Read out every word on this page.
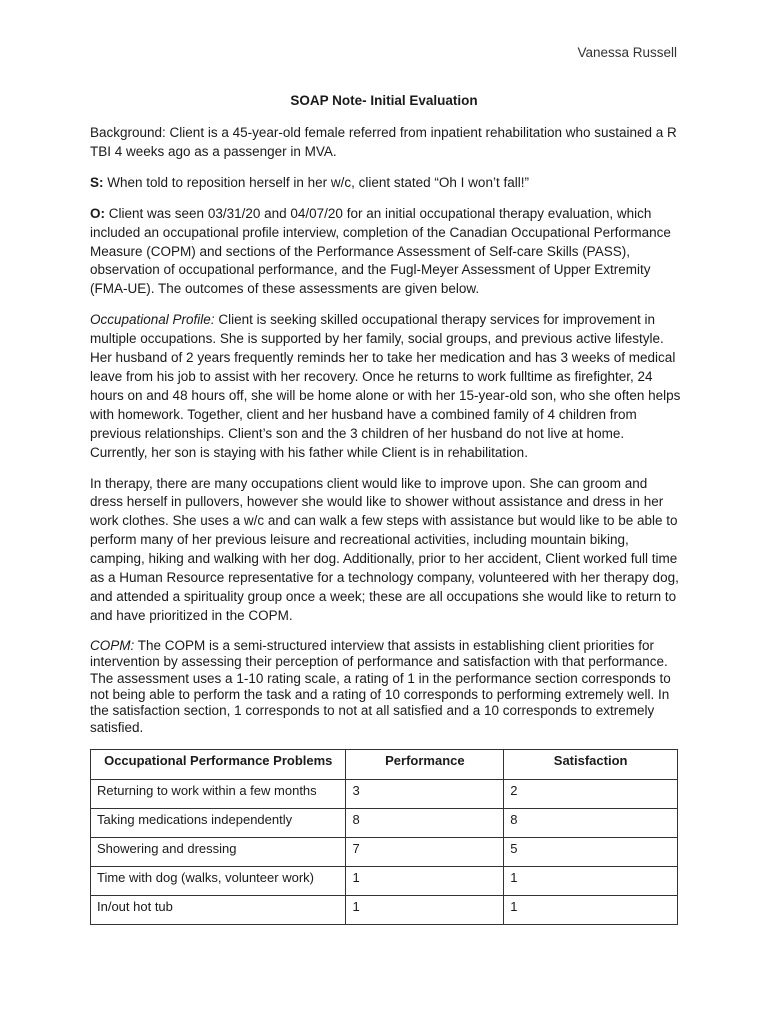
Vanessa Russell
SOAP Note- Initial Evaluation

Background: Client is a 45-year-old female referred from inpatient rehabilitation who sustained a R TBI 4 weeks ago as a passenger in MVA.

S: When told to reposition herself in her w/c, client stated “Oh I won’t fall!”

O: Client was seen 03/31/20 and 04/07/20 for an initial occupational therapy evaluation, which included an occupational profile interview, completion of the Canadian Occupational Performance Measure (COPM) and sections of the Performance Assessment of Self-care Skills (PASS), observation of occupational performance, and the Fugl-Meyer Assessment of Upper Extremity (FMA-UE). The outcomes of these assessments are given below.

Occupational Profile: Client is seeking skilled occupational therapy services for improvement in multiple occupations. She is supported by her family, social groups, and previous active lifestyle. Her husband of 2 years frequently reminds her to take her medication and has 3 weeks of medical leave from his job to assist with her recovery. Once he returns to work fulltime as firefighter, 24 hours on and 48 hours off, she will be home alone or with her 15-year-old son, who she often helps with homework. Together, client and her husband have a combined family of 4 children from previous relationships. Client’s son and the 3 children of her husband do not live at home. Currently, her son is staying with his father while Client is in rehabilitation.

In therapy, there are many occupations client would like to improve upon. She can groom and dress herself in pullovers, however she would like to shower without assistance and dress in her work clothes. She uses a w/c and can walk a few steps with assistance but would like to be able to perform many of her previous leisure and recreational activities, including mountain biking, camping, hiking and walking with her dog. Additionally, prior to her accident, Client worked full time as a Human Resource representative for a technology company, volunteered with her therapy dog, and attended a spirituality group once a week; these are all occupations she would like to return to and have prioritized in the COPM.

COPM: The COPM is a semi-structured interview that assists in establishing client priorities for intervention by assessing their perception of performance and satisfaction with that performance. The assessment uses a 1-10 rating scale, a rating of 1 in the performance section corresponds to not being able to perform the task and a rating of 10 corresponds to performing extremely well. In the satisfaction section, 1 corresponds to not at all satisfied and a 10 corresponds to extremely satisfied.

Occupational Performance Problems	Performance	Satisfaction
Returning to work within a few months	3	2
Taking medications independently	8	8
Showering and dressing	7	5
Time with dog (walks, volunteer work)	1	1
In/out hot tub	1	1
